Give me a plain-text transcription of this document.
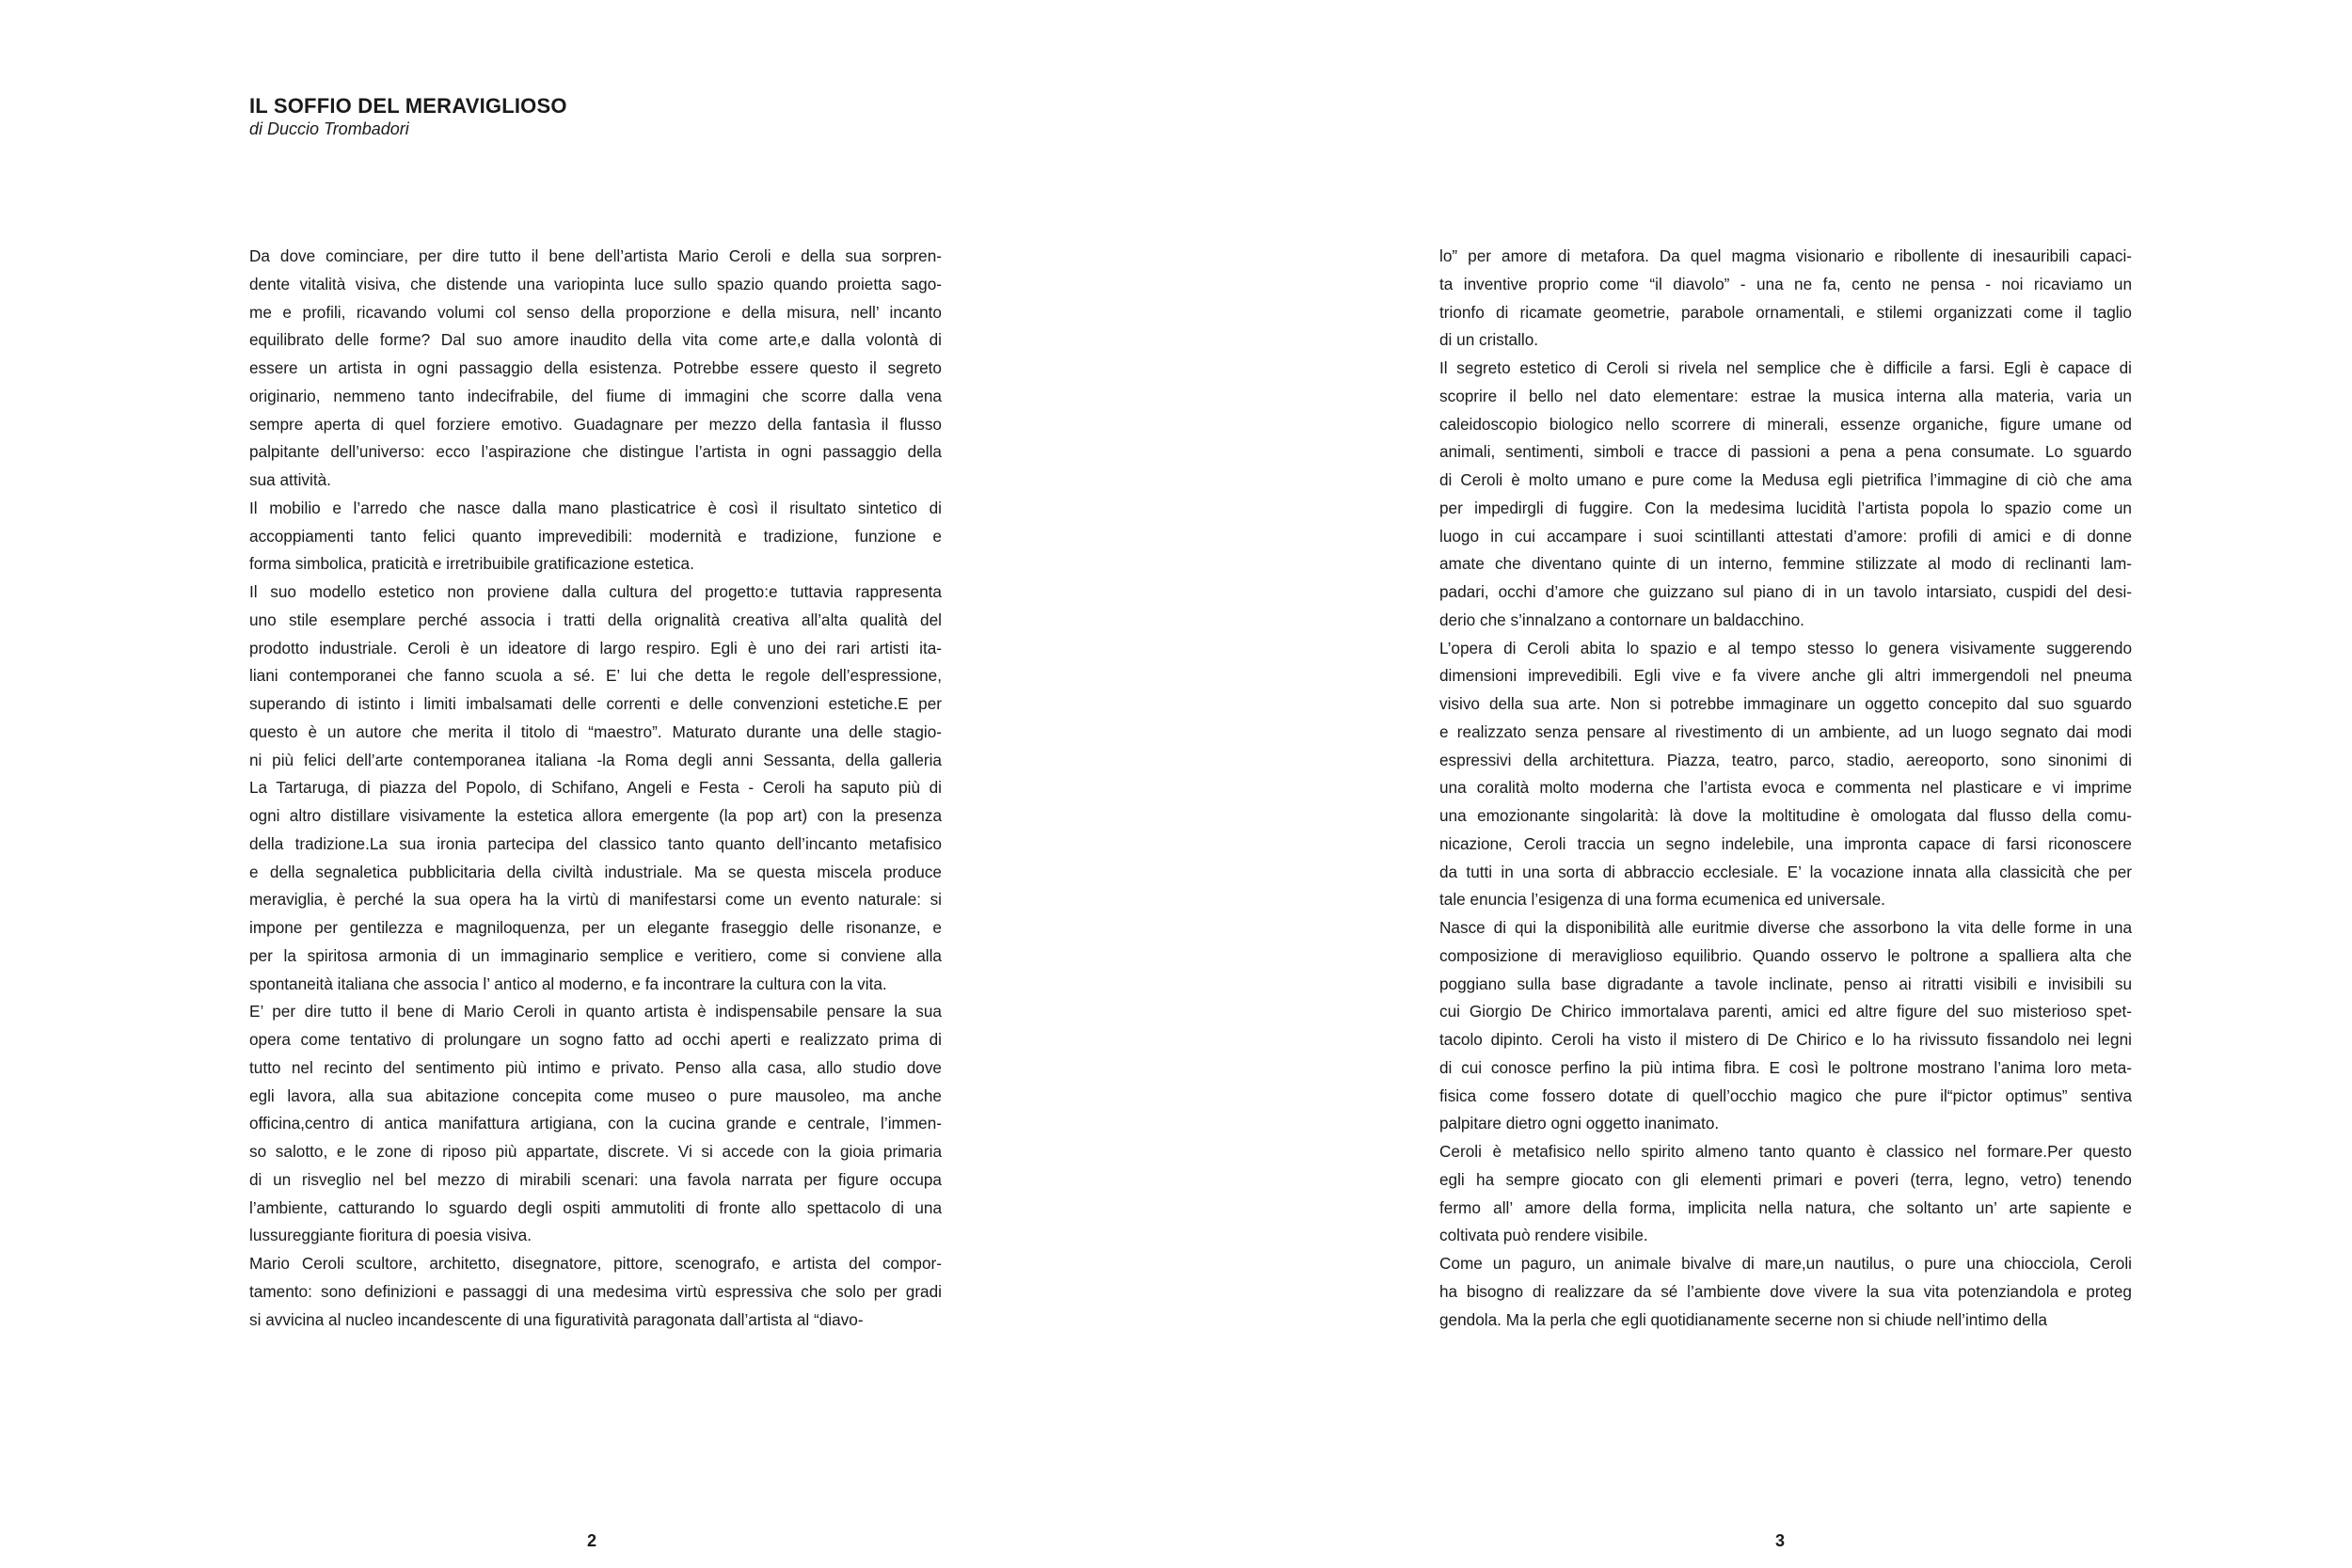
IL SOFFIO DEL MERAVIGLIOSO

di Duccio Trombadori

Da dove cominciare, per dire tutto il bene dell’artista Mario Ceroli e della sua sorpren-
dente vitalità visiva, che distende una variopinta luce sullo spazio quando proietta sago-
me e profili, ricavando volumi col senso della proporzione e della misura, nell’ incanto
equilibrato delle forme? Dal suo amore inaudito della vita come arte,e dalla volontà di
essere un artista in ogni passaggio della esistenza. Potrebbe essere questo il segreto
originario, nemmeno tanto indecifrabile, del fiume di immagini che scorre dalla vena
sempre aperta di quel forziere emotivo. Guadagnare per mezzo della fantasìa il flusso
palpitante dell’universo: ecco l’aspirazione che distingue l’artista in ogni passaggio della
sua attività.

Il mobilio e l’arredo che nasce dalla mano plasticatrice è così il risultato sintetico di
accoppiamenti tanto felici quanto imprevedibili: modernità e tradizione, funzione e
forma simbolica, praticità e irretribuibile gratificazione estetica.

Il suo modello estetico non proviene dalla cultura del progetto:e tuttavia rappresenta
uno stile esemplare perché associa i tratti della orignalità creativa all’alta qualità del
prodotto industriale. Ceroli è un ideatore di largo respiro. Egli è uno dei rari artisti ita-
liani contemporanei che fanno scuola a sé. E’ lui che detta le regole dell’espressione,
superando di istinto i limiti imbalsamati delle correnti e delle convenzioni estetiche.E per
questo è un autore che merita il titolo di “maestro”. Maturato durante una delle stagio-
ni più felici dell’arte contemporanea italiana -la Roma degli anni Sessanta, della galleria
La Tartaruga, di piazza del Popolo, di Schifano, Angeli e Festa - Ceroli ha saputo più di
ogni altro distillare visivamente la estetica allora emergente (la pop art) con la presenza
della tradizione.La sua ironia partecipa del classico tanto quanto dell’incanto metafisico
e della segnaletica pubblicitaria della civiltà industriale. Ma se questa miscela produce
meraviglia, è perché la sua opera ha la virtù di manifestarsi come un evento naturale: si
impone per gentilezza e magniloquenza, per un elegante fraseggio delle risonanze, e
per la spiritosa armonia di un immaginario semplice e veritiero, come si conviene alla
spontaneità italiana che associa l’ antico al moderno, e fa incontrare la cultura con la vita.

E’ per dire tutto il bene di Mario Ceroli in quanto artista è indispensabile pensare la sua
opera come tentativo di prolungare un sogno fatto ad occhi aperti e realizzato prima di
tutto nel recinto del sentimento più intimo e privato. Penso alla casa, allo studio dove
egli lavora, alla sua abitazione concepita come museo o pure mausoleo, ma anche
officina,centro di antica manifattura artigiana, con la cucina grande e centrale, l’immen-
so salotto, e le zone di riposo più appartate, discrete. Vi si accede con la gioia primaria
di un risveglio nel bel mezzo di mirabili scenari: una favola narrata per figure occupa
l’ambiente, catturando lo sguardo degli ospiti ammutoliti di fronte allo spettacolo di una
lussureggiante fioritura di poesia visiva.

Mario Ceroli scultore, architetto, disegnatore, pittore, scenografo, e artista del compor-
tamento: sono definizioni e passaggi di una medesima virtù espressiva che solo per gradi
si avvicina al nucleo incandescente di una figuratività paragonata dall’artista al “diavo-

2

lo” per amore di metafora. Da quel magma visionario e ribollente di inesauribili capaci-
ta inventive proprio come “il diavolo” - una ne fa, cento ne pensa - noi ricaviamo un
trionfo di ricamate geometrie, parabole ornamentali, e stilemi organizzati come il taglio
di un cristallo.

Il segreto estetico di Ceroli si rivela nel semplice che è difficile a farsi. Egli è capace di
scoprire il bello nel dato elementare: estrae la musica interna alla materia, varia un
caleidoscopio biologico nello scorrere di minerali, essenze organiche, figure umane od
animali, sentimenti, simboli e tracce di passioni a pena a pena consumate. Lo sguardo
di Ceroli è molto umano e pure come la Medusa egli pietrifica l’immagine di ciò che ama
per impedirgli di fuggire. Con la medesima lucidità l’artista popola lo spazio come un
luogo in cui accampare i suoi scintillanti attestati d’amore: profili di amici e di donne
amate che diventano quinte di un interno, femmine stilizzate al modo di reclinanti lam-
padari, occhi d’amore che guizzano sul piano di in un tavolo intarsiato, cuspidi del desi-
derio che s’innalzano a contornare un baldacchino.

L’opera di Ceroli abita lo spazio e al tempo stesso lo genera visivamente suggerendo
dimensioni imprevedibili. Egli vive e fa vivere anche gli altri immergendoli nel pneuma
visivo della sua arte. Non si potrebbe immaginare un oggetto concepito dal suo sguardo
e realizzato senza pensare al rivestimento di un ambiente, ad un luogo segnato dai modi
espressivi della architettura. Piazza, teatro, parco, stadio, aereoporto, sono sinonimi di
una coralità molto moderna che l’artista evoca e commenta nel plasticare e vi imprime
una emozionante singolarità: là dove la moltitudine è omologata dal flusso della comu-
nicazione, Ceroli traccia un segno indelebile, una impronta capace di farsi riconoscere
da tutti in una sorta di abbraccio ecclesiale. E’ la vocazione innata alla classicità che per
tale enuncia l’esigenza di una forma ecumenica ed universale.

Nasce di qui la disponibilità alle euritmie diverse che assorbono la vita delle forme in una
composizione di meraviglioso equilibrio. Quando osservo le poltrone a spalliera alta che
poggiano sulla base digradante a tavole inclinate, penso ai ritratti visibili e invisibili su
cui Giorgio De Chirico immortalava parenti, amici ed altre figure del suo misterioso spet-
tacolo dipinto. Ceroli ha visto il mistero di De Chirico e lo ha rivissuto fissandolo nei legni
di cui conosce perfino la più intima fibra. E così le poltrone mostrano l’anima loro meta-
fisica come fossero dotate di quell’occhio magico che pure il“pictor optimus” sentiva
palpitare dietro ogni oggetto inanimato.

Ceroli è metafisico nello spirito almeno tanto quanto è classico nel formare.Per questo
egli ha sempre giocato con gli elementi primari e poveri (terra, legno, vetro) tenendo
fermo all’ amore della forma, implicita nella natura, che soltanto un’ arte sapiente e
coltivata può rendere visibile.

Come un paguro, un animale bivalve di mare,un nautilus, o pure una chiocciola, Ceroli
ha bisogno di realizzare da sé l’ambiente dove vivere la sua vita potenziandola e proteg
gendola. Ma la perla che egli quotidianamente secerne non si chiude nell’intimo della

3
